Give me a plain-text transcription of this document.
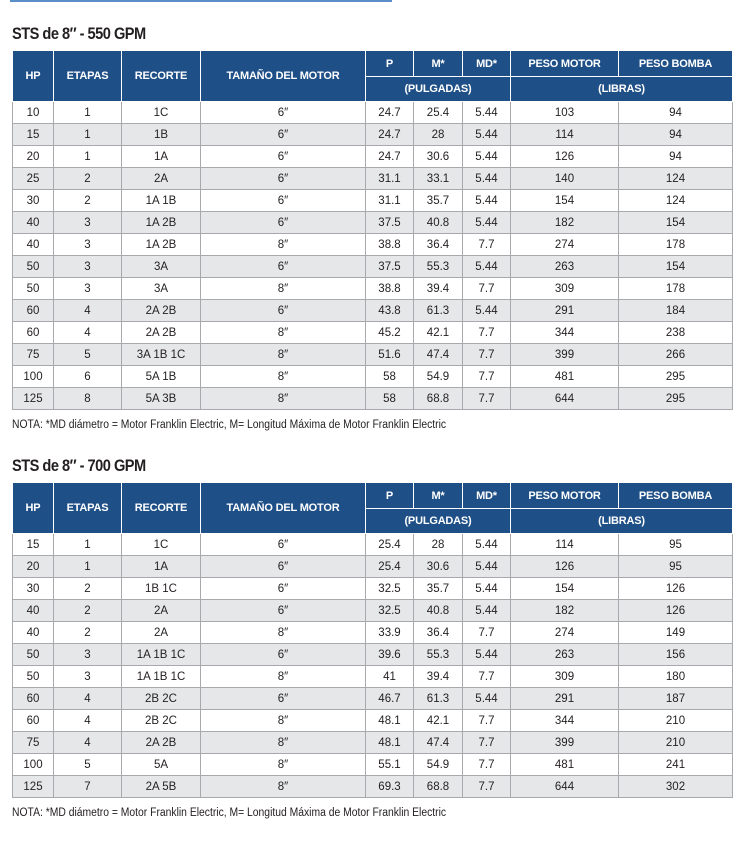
STS de 8″ - 550 GPM
HP	ETAPAS	RECORTE	TAMAÑO DEL MOTOR	P	M*	MD*	PESO MOTOR	PESO BOMBA
				(PULGADAS)			(LIBRAS)	
10	1	1C	6″	24.7	25.4	5.44	103	94
15	1	1B	6″	24.7	28	5.44	114	94
20	1	1A	6″	24.7	30.6	5.44	126	94
25	2	2A	6″	31.1	33.1	5.44	140	124
30	2	1A 1B	6″	31.1	35.7	5.44	154	124
40	3	1A 2B	6″	37.5	40.8	5.44	182	154
40	3	1A 2B	8″	38.8	36.4	7.7	274	178
50	3	3A	6″	37.5	55.3	5.44	263	154
50	3	3A	8″	38.8	39.4	7.7	309	178
60	4	2A 2B	6″	43.8	61.3	5.44	291	184
60	4	2A 2B	8″	45.2	42.1	7.7	344	238
75	5	3A 1B 1C	8″	51.6	47.4	7.7	399	266
100	6	5A 1B	8″	58	54.9	7.7	481	295
125	8	5A 3B	8″	58	68.8	7.7	644	295
NOTA: *MD diámetro = Motor Franklin Electric, M= Longitud Máxima de Motor Franklin Electric
STS de 8″ - 700 GPM
HP	ETAPAS	RECORTE	TAMAÑO DEL MOTOR	P	M*	MD*	PESO MOTOR	PESO BOMBA
				(PULGADAS)			(LIBRAS)	
15	1	1C	6″	25.4	28	5.44	114	95
20	1	1A	6″	25.4	30.6	5.44	126	95
30	2	1B 1C	6″	32.5	35.7	5.44	154	126
40	2	2A	6″	32.5	40.8	5.44	182	126
40	2	2A	8″	33.9	36.4	7.7	274	149
50	3	1A 1B 1C	6″	39.6	55.3	5.44	263	156
50	3	1A 1B 1C	8″	41	39.4	7.7	309	180
60	4	2B 2C	6″	46.7	61.3	5.44	291	187
60	4	2B 2C	8″	48.1	42.1	7.7	344	210
75	4	2A 2B	8″	48.1	47.4	7.7	399	210
100	5	5A	8″	55.1	54.9	7.7	481	241
125	7	2A 5B	8″	69.3	68.8	7.7	644	302
NOTA: *MD diámetro = Motor Franklin Electric, M= Longitud Máxima de Motor Franklin Electric
